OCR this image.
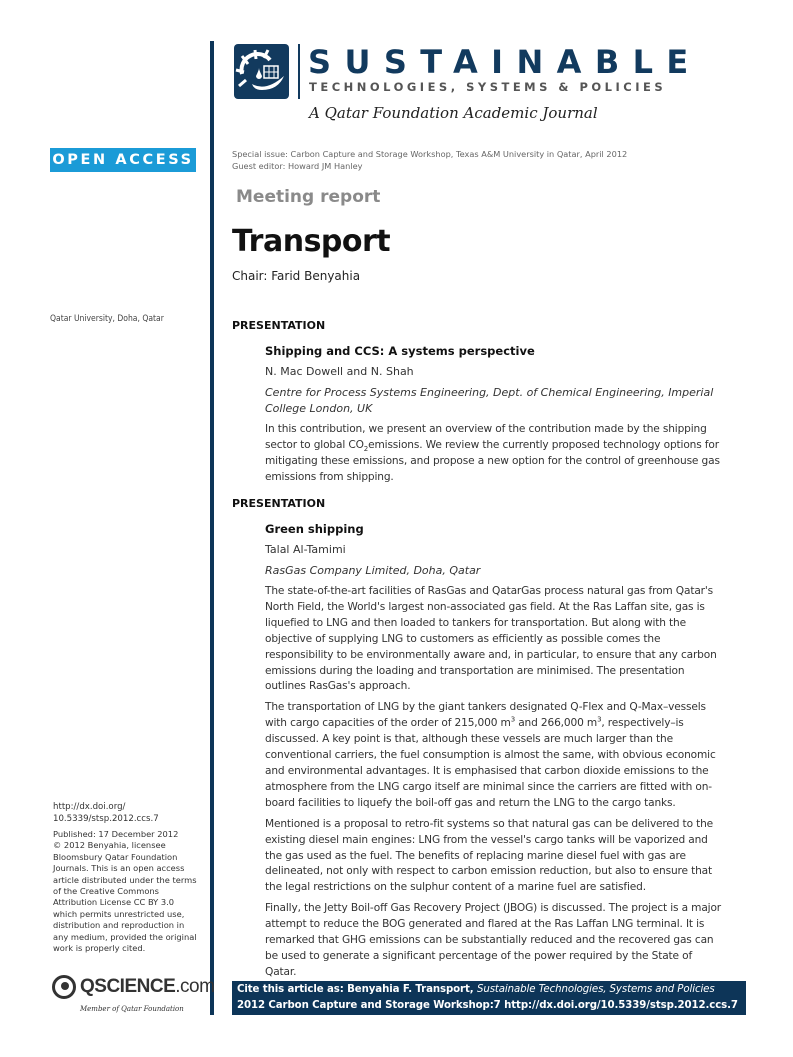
SUSTAINABLE
TECHNOLOGIES, SYSTEMS & POLICIES
A Qatar Foundation Academic Journal
OPEN ACCESS
Qatar University, Doha, Qatar
http://dx.doi.org/
10.5339/stsp.2012.ccs.7
Published: 17 December 2012
© 2012 Benyahia, licensee
Bloomsbury Qatar Foundation
Journals. This is an open access
article distributed under the terms
of the Creative Commons
Attribution License CC BY 3.0
which permits unrestricted use,
distribution and reproduction in
any medium, provided the original
work is properly cited.
QSCIENCE.com
Member of Qatar Foundation
Special issue: Carbon Capture and Storage Workshop, Texas A&M University in Qatar, April 2012
Guest editor: Howard JM Hanley
Meeting report
Transport
Chair: Farid Benyahia
PRESENTATION
Shipping and CCS: A systems perspective
N. Mac Dowell and N. Shah
Centre for Process Systems Engineering, Dept. of Chemical Engineering, Imperial College London, UK
In this contribution, we present an overview of the contribution made by the shipping sector to global $CO_2emissions$. We review the currently proposed technology options for mitigating these emissions, and propose a new option for the control of greenhouse gas emissions from shipping.
PRESENTATION
Green shipping
Talal Al-Tamimi
RasGas Company Limited, Doha, Qatar
The state-of-the-art facilities of RasGas and QatarGas process natural gas from Qatar's North Field, the World's largest non-associated gas field. At the Ras Laffan site, gas is liquefied to LNG and then loaded to tankers for transportation. But along with the objective of supplying LNG to customers as efficiently as possible comes the responsibility to be environmentally aware and, in particular, to ensure that any carbon emissions during the loading and transportation are minimised. The presentation outlines RasGas's approach.
The transportation of LNG by the giant tankers designated Q-Flex and Q-Max–vessels with cargo capacities of the order of 215,000 $m^3$ and 266,000 $m^3$, respectively–is discussed. A key point is that, although these vessels are much larger than the conventional carriers, the fuel consumption is almost the same, with obvious economic and environmental advantages. It is emphasised that carbon dioxide emissions to the atmosphere from the LNG cargo itself are minimal since the carriers are fitted with on-board facilities to liquefy the boil-off gas and return the LNG to the cargo tanks.
Mentioned is a proposal to retro-fit systems so that natural gas can be delivered to the existing diesel main engines: LNG from the vessel's cargo tanks will be vaporized and the gas used as the fuel. The benefits of replacing marine diesel fuel with gas are delineated, not only with respect to carbon emission reduction, but also to ensure that the legal restrictions on the sulphur content of a marine fuel are satisfied.
Finally, the Jetty Boil-off Gas Recovery Project (JBOG) is discussed. The project is a major attempt to reduce the BOG generated and flared at the Ras Laffan LNG terminal. It is remarked that GHG emissions can be substantially reduced and the recovered gas can be used to generate a significant percentage of the power required by the State of Qatar.
Cite this article as: Benyahia F. Transport, Sustainable Technologies, Systems and Policies
2012 Carbon Capture and Storage Workshop:7 http://dx.doi.org/10.5339/stsp.2012.ccs.7
